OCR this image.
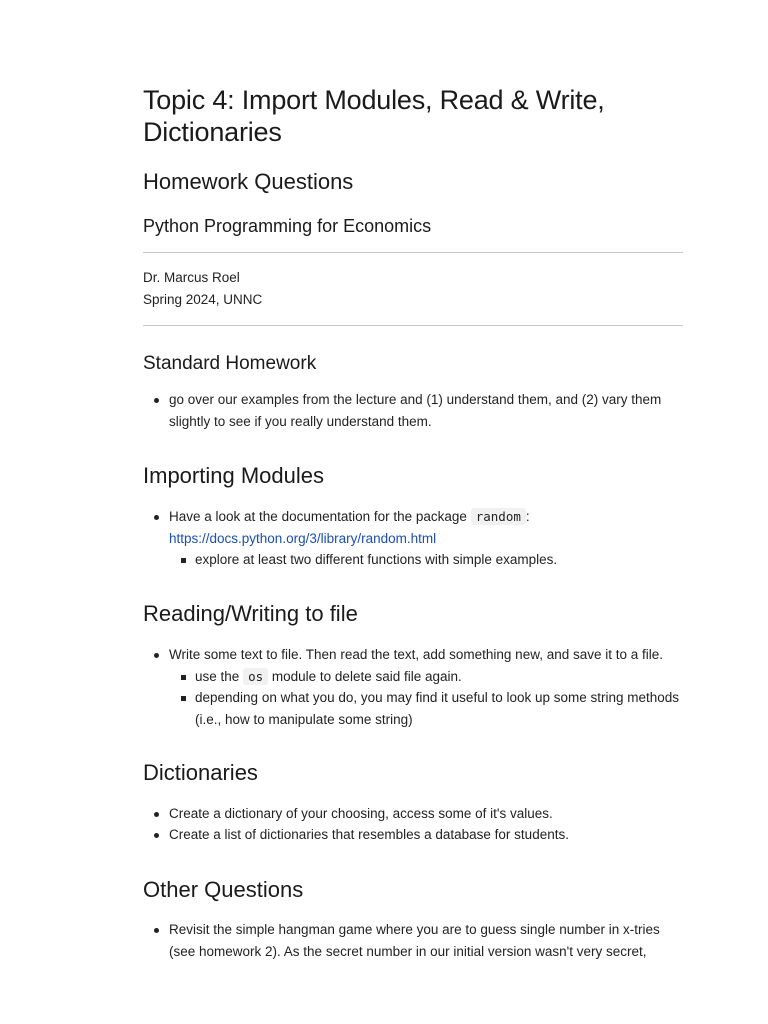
Topic 4: Import Modules, Read & Write, Dictionaries
Homework Questions
Python Programming for Economics
Dr. Marcus Roel
Spring 2024, UNNC
Standard Homework
go over our examples from the lecture and (1) understand them, and (2) vary them slightly to see if you really understand them.
Importing Modules
Have a look at the documentation for the package random :
https://docs.python.org/3/library/random.html
explore at least two different functions with simple examples.
Reading/Writing to file
Write some text to file. Then read the text, add something new, and save it to a file.
use the os module to delete said file again.
depending on what you do, you may find it useful to look up some string methods (i.e., how to manipulate some string)
Dictionaries
Create a dictionary of your choosing, access some of it's values.
Create a list of dictionaries that resembles a database for students.
Other Questions
Revisit the simple hangman game where you are to guess single number in x-tries (see homework 2). As the secret number in our initial version wasn't very secret,
